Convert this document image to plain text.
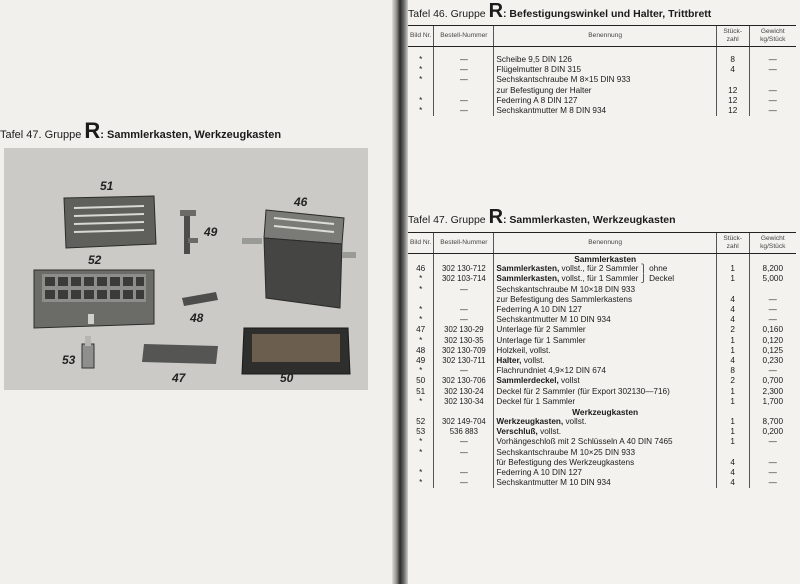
Tafel 47. Gruppe R: Sammlerkasten, Werkzeugkasten
51
46
49
52
48
53
47	50
Tafel 46. Gruppe R: Befestigungswinkel und Halter, Trittbrett
Bild Nr.	Bestell-Nummer	Benennung	Stück-zahl	Gewicht kg/Stück

*	—	Scheibe 9,5 DIN 126	8	—
*	—	Flügelmutter 8 DIN 315	4	—
*	—	Sechskantschraube M 8×15 DIN 933		
		zur Befestigung der Halter	12	—
*	—	Federring A 8 DIN 127	12	—
*	—	Sechskantmutter M 8 DIN 934	12	—
Tafel 47. Gruppe R: Sammlerkasten, Werkzeugkasten
Bild Nr.	Bestell-Nummer	Benennung	Stück-zahl	Gewicht kg/Stück
		Sammlerkasten		
46	302 130-712	Sammlerkasten, vollst., für 2 Sammler ⎫ ohne	1	8,200
*	302 103-714	Sammlerkasten, vollst., für 1 Sammler ⎭ Deckel	1	5,000
*	—	Sechskantschraube M 10×18 DIN 933		
		zur Befestigung des Sammlerkastens	4	—
*	—	Federring A 10 DIN 127	4	—
*	—	Sechskantmutter M 10 DIN 934	4	—
47	302 130-29	Unterlage für 2 Sammler	2	0,160
*	302 130-35	Unterlage für 1 Sammler	1	0,120
48	302 130-709	Holzkeil, vollst.	1	0,125
49	302 130-711	Halter, vollst.	4	0,230
*	—	Flachrundniet 4,9×12 DIN 674	8	—
50	302 130-706	Sammlerdeckel, vollst	2	0,700
51	302 130-24	Deckel für 2 Sammler (für Export 302130—716)	1	2,300
*	302 130-34	Deckel für 1 Sammler	1	1,700
		Werkzeugkasten		
52	302 149-704	Werkzeugkasten, vollst.	1	8,700
53	536 883	Verschluß, vollst.	1	0,200
*	—	Vorhängeschloß mit 2 Schlüsseln A 40 DIN 7465	1	—
*	—	Sechskantschraube M 10×25 DIN 933		
		für Befestigung des Werkzeugkastens	4	—
*	—	Federring A 10 DIN 127	4	—
*	—	Sechskantmutter M 10 DIN 934	4	—
